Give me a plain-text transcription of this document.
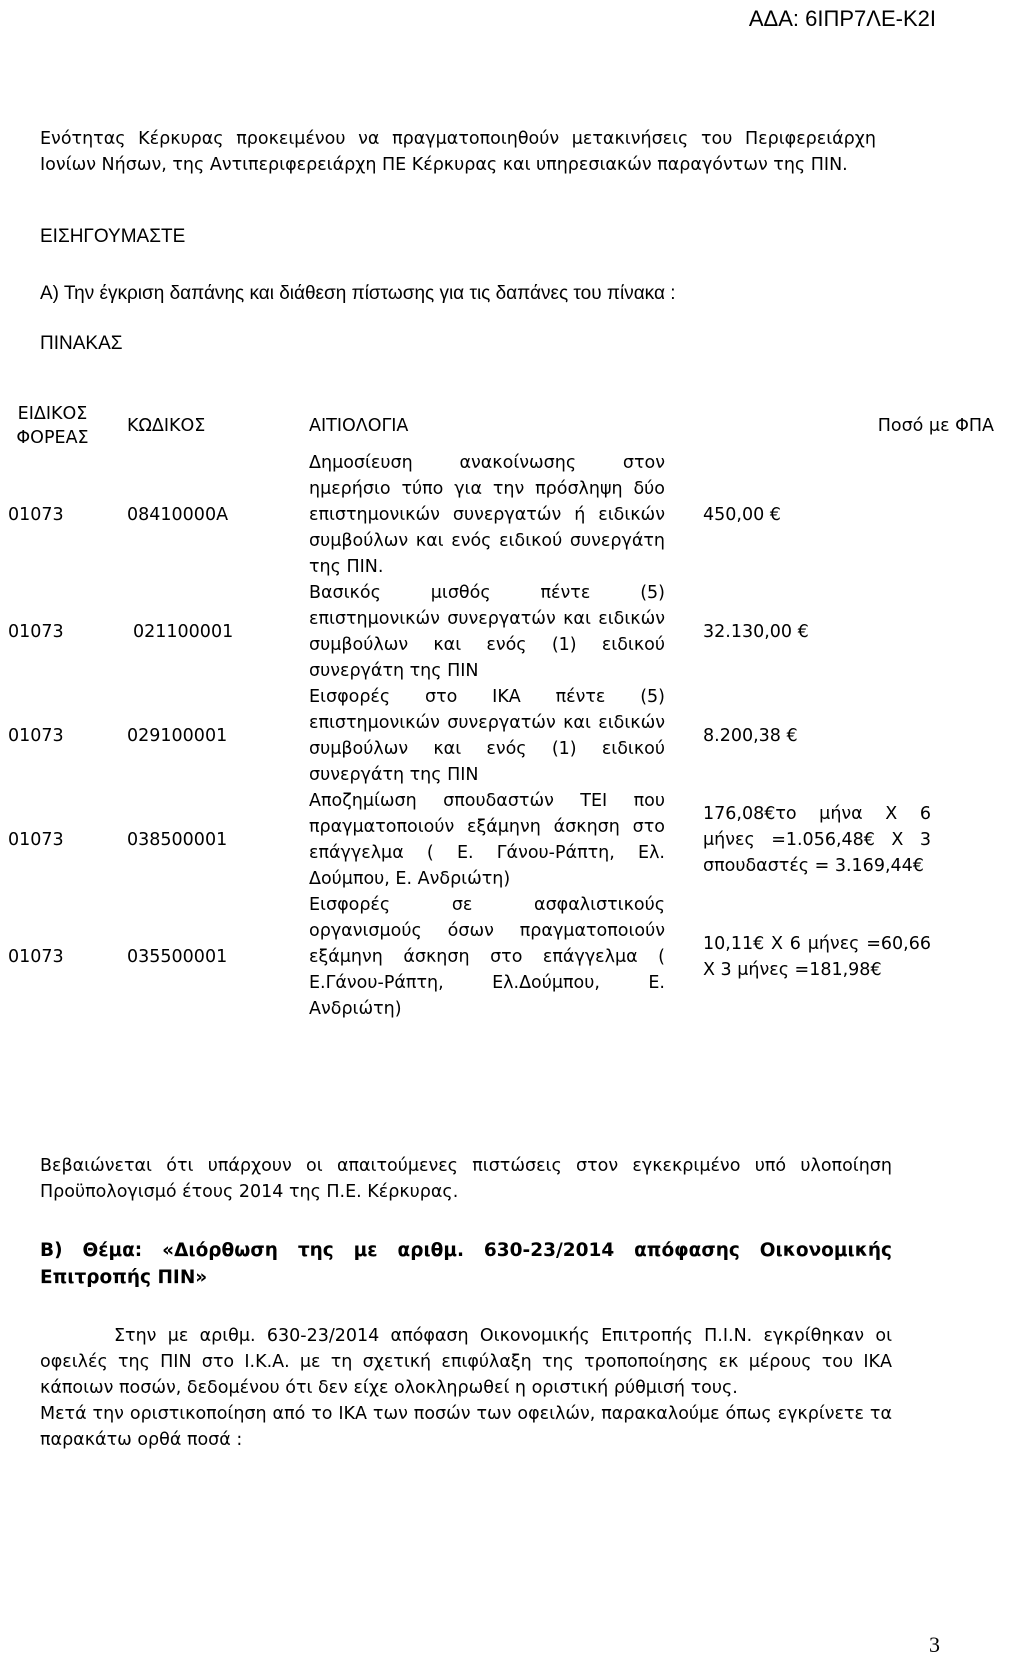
ΑΔΑ: 6ΙΠΡ7ΛΕ-Κ2Ι
Ενότητας Κέρκυρας προκειμένου να πραγματοποιηθούν μετακινήσεις του Περιφερειάρχη Ιονίων Νήσων, της Αντιπεριφερειάρχη ΠΕ Κέρκυρας και υπηρεσιακών παραγόντων της ΠΙΝ.
ΕΙΣΗΓΟΥΜΑΣΤΕ
Α) Την έγκριση δαπάνης και διάθεση πίστωσης για τις δαπάνες του πίνακα :
ΠΙΝΑΚΑΣ
ΕΙΔΙΚΟΣ ΦΟΡΕΑΣ	ΚΩΔΙΚΟΣ	ΑΙΤΙΟΛΟΓΙΑ	Ποσό με ΦΠΑ
01073	08410000Α	Δημοσίευση ανακοίνωσης στον ημερήσιο τύπο για την πρόσληψη δύο επιστημονικών συνεργατών ή ειδικών συμβούλων και ενός ειδικού συνεργάτη της ΠΙΝ.	450,00 €

01073	021100001	Βασικός μισθός πέντε (5) επιστημονικών συνεργατών και ειδικών συμβούλων και ενός (1) ειδικού συνεργάτη της ΠΙΝ	32.130,00 €

01073	029100001	Εισφορές στο ΙΚΑ πέντε (5) επιστημονικών συνεργατών και ειδικών συμβούλων και ενός (1) ειδικού συνεργάτη της ΠΙΝ	8.200,38 €

01073	038500001	Αποζημίωση σπουδαστών ΤΕΙ που πραγματοποιούν εξάμηνη άσκηση στο επάγγελμα ( Ε. Γάνου-Ράπτη, Ελ. Δούμπου, Ε. Ανδριώτη)	176,08€το μήνα Χ 6 μήνες =1.056,48€ Χ 3 σπουδαστές = 3.169,44€

01073	035500001	Εισφορές σε ασφαλιστικούς οργανισμούς όσων πραγματοποιούν εξάμηνη άσκηση στο επάγγελμα ( Ε.Γάνου-Ράπτη, Ελ.Δούμπου, Ε. Ανδριώτη)	10,11€ Χ 6 μήνες =60,66 Χ 3 μήνες =181,98€
Βεβαιώνεται ότι υπάρχουν οι απαιτούμενες πιστώσεις στον εγκεκριμένο υπό υλοποίηση Προϋπολογισμό έτους 2014 της Π.Ε. Κέρκυρας.
Β) Θέμα: «Διόρθωση της με αριθμ. 630-23/2014 απόφασης Οικονομικής Επιτροπής ΠΙΝ»
Στην με αριθμ. 630-23/2014 απόφαση Οικονομικής Επιτροπής Π.Ι.Ν. εγκρίθηκαν οι οφειλές της ΠΙΝ στο Ι.Κ.Α. με τη σχετική επιφύλαξη της τροποποίησης εκ μέρους του ΙΚΑ κάποιων ποσών, δεδομένου ότι δεν είχε ολοκληρωθεί η οριστική ρύθμισή τους.
Μετά την οριστικοποίηση από το ΙΚΑ των ποσών των οφειλών, παρακαλούμε όπως εγκρίνετε τα παρακάτω ορθά ποσά :
3
